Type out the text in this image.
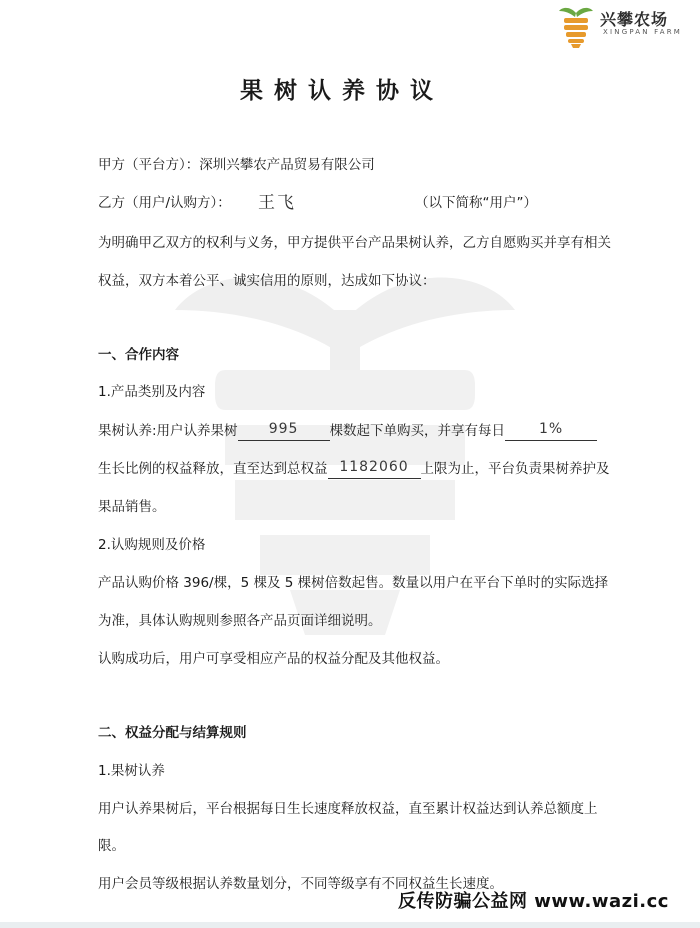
兴攀农场
XINGPAN FARM
果树认养协议
甲方（平台方）：深圳兴攀农产品贸易有限公司
乙方（用户/认购方）： 王飞	（以下简称“用户”）
为明确甲乙双方的权利与义务，甲方提供平台产品果树认养，乙方自愿购买并享有相关
权益，双方本着公平、诚实信用的原则，达成如下协议：
一、合作内容
1.产品类别及内容
果树认养:用户认养果树	995	棵数起下单购买，并享有每日	1%
生长比例的权益释放，直至达到总权益 1182060 上限为止，平台负责果树养护及
果品销售。
2.认购规则及价格
产品认购价格 396/棵，5 棵及 5 棵树倍数起售。数量以用户在平台下单时的实际选择
为准，具体认购规则参照各产品页面详细说明。
认购成功后，用户可享受相应产品的权益分配及其他权益。
二、权益分配与结算规则
1.果树认养
用户认养果树后，平台根据每日生长速度释放权益，直至累计权益达到认养总额度上
限。
用户会员等级根据认养数量划分，不同等级享有不同权益生长速度。
反传防骗公益网 www.wazi.cc
